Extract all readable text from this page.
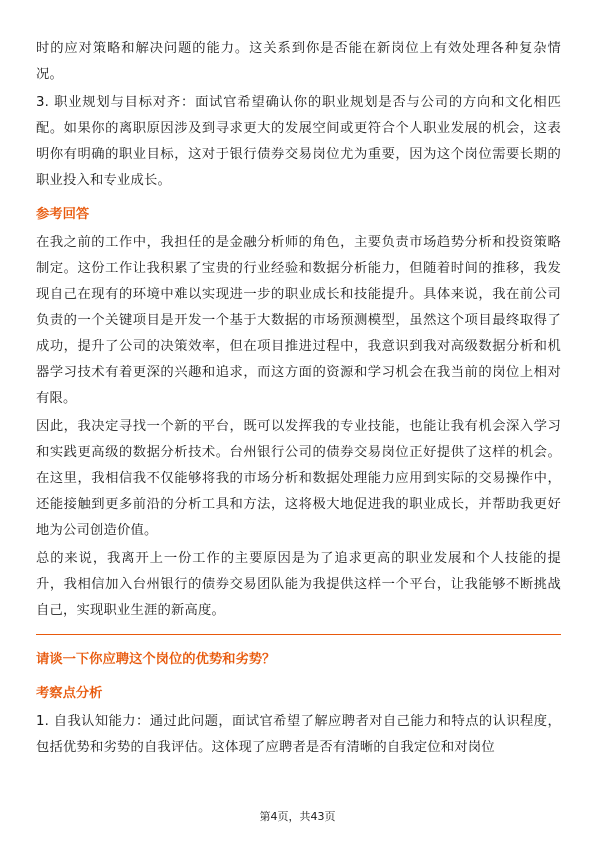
时的应对策略和解决问题的能力。这关系到你是否能在新岗位上有效处理各种复杂情况。

3. 职业规划与目标对齐：面试官希望确认你的职业规划是否与公司的方向和文化相匹配。如果你的离职原因涉及到寻求更大的发展空间或更符合个人职业发展的机会，这表明你有明确的职业目标，这对于银行债券交易岗位尤为重要，因为这个岗位需要长期的职业投入和专业成长。

参考回答

在我之前的工作中，我担任的是金融分析师的角色，主要负责市场趋势分析和投资策略制定。这份工作让我积累了宝贵的行业经验和数据分析能力，但随着时间的推移，我发现自己在现有的环境中难以实现进一步的职业成长和技能提升。具体来说，我在前公司负责的一个关键项目是开发一个基于大数据的市场预测模型，虽然这个项目最终取得了成功，提升了公司的决策效率，但在项目推进过程中，我意识到我对高级数据分析和机器学习技术有着更深的兴趣和追求，而这方面的资源和学习机会在我当前的岗位上相对有限。

因此，我决定寻找一个新的平台，既可以发挥我的专业技能，也能让我有机会深入学习和实践更高级的数据分析技术。台州银行公司的债券交易岗位正好提供了这样的机会。在这里，我相信我不仅能够将我的市场分析和数据处理能力应用到实际的交易操作中，还能接触到更多前沿的分析工具和方法，这将极大地促进我的职业成长，并帮助我更好地为公司创造价值。

总的来说，我离开上一份工作的主要原因是为了追求更高的职业发展和个人技能的提升，我相信加入台州银行的债券交易团队能为我提供这样一个平台，让我能够不断挑战自己，实现职业生涯的新高度。

请谈一下你应聘这个岗位的优势和劣势？
考察点分析

1. 自我认知能力：通过此问题，面试官希望了解应聘者对自己能力和特点的认识程度，包括优势和劣势的自我评估。这体现了应聘者是否有清晰的自我定位和对岗位

第4页，共43页
